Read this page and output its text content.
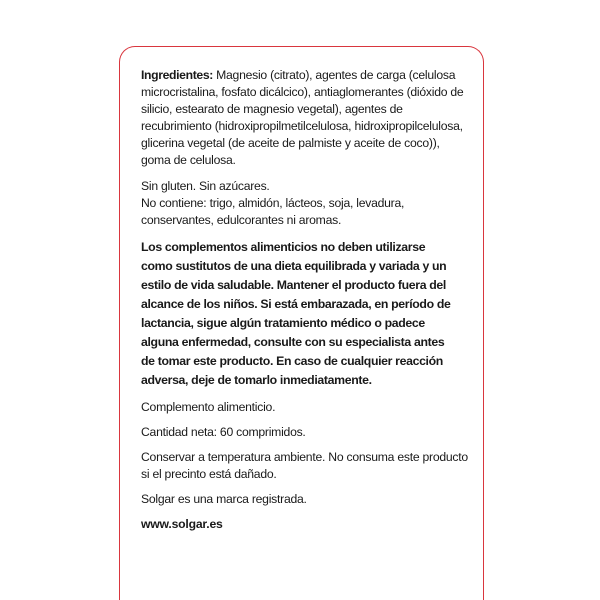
Ingredientes: Magnesio (citrato), agentes de carga (celulosa
microcristalina, fosfato dicálcico), antiaglomerantes (dióxido de
silicio, estearato de magnesio vegetal), agentes de
recubrimiento (hidroxipropilmetilcelulosa, hidroxipropilcelulosa,
glicerina vegetal (de aceite de palmiste y aceite de coco)),
goma de celulosa.

Sin gluten. Sin azúcares.
No contiene: trigo, almidón, lácteos, soja, levadura,
conservantes, edulcorantes ni aromas.

Los complementos alimenticios no deben utilizarse
como sustitutos de una dieta equilibrada y variada y un
estilo de vida saludable. Mantener el producto fuera del
alcance de los niños. Si está embarazada, en período de
lactancia, sigue algún tratamiento médico o padece
alguna enfermedad, consulte con su especialista antes
de tomar este producto. En caso de cualquier reacción
adversa, deje de tomarlo inmediatamente.

Complemento alimenticio.

Cantidad neta: 60 comprimidos.

Conservar a temperatura ambiente. No consuma este producto
si el precinto está dañado.

Solgar es una marca registrada.

www.solgar.es
